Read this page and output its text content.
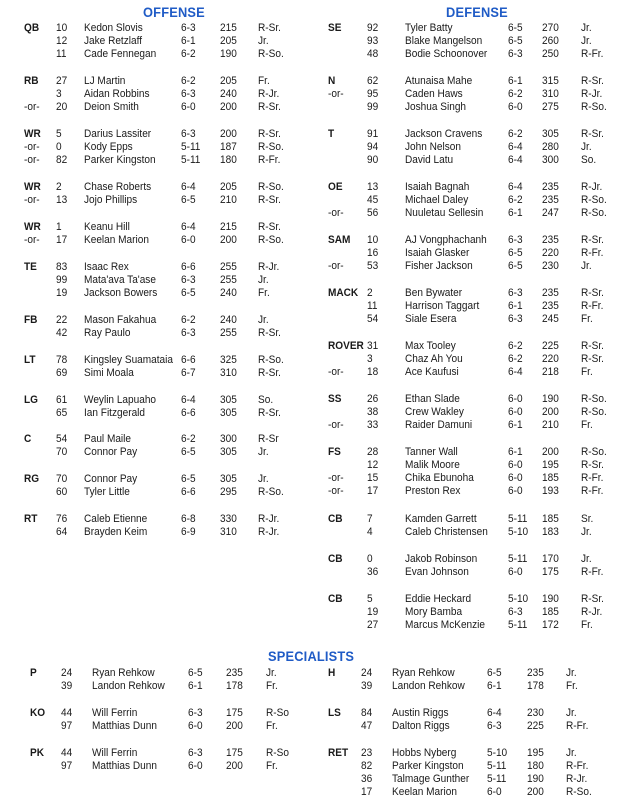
OFFENSE	DEFENSE
SPECIALISTS
QB 10 Kedon Slovis	6-3 215 R-Sr.
12 Jake Retzlaff	6-1 205 Jr.
11 Cade Fennegan 6-2 190 R-So.
RB 27 LJ Martin	6-2 205 Fr.
3 Aidan Robbins	6-3 240 R-Jr.
-or- 20 Deion Smith	6-0 200 R-Sr.
WR 5 Darius Lassiter	6-3 200 R-Sr.
-or- 0 Kody Epps	5-11 187 R-So.
-or- 82 Parker Kingston 5-11 180 R-Fr.
WR 2 Chase Roberts	6-4 205 R-So.
-or- 13 Jojo Phillips	6-5 210 R-Sr.
WR 1 Keanu Hill	6-4 215 R-Sr.
-or- 17 Keelan Marion	6-0 200 R-So.
TE 83 Isaac Rex	6-6 255 R-Jr.
99 Mata'ava Ta'ase 6-3 255 Jr.
19 Jackson Bowers 6-5 240 Fr.
FB 22 Mason Fakahua 6-2 240 Jr.
42 Ray Paulo	6-3 255 R-Sr.
LT 78 Kingsley Suamataia 6-6 325 R-So.
69 Simi Moala	6-7 310 R-Sr.
LG 61 Weylin Lapuaho 6-4 305 So.
65 Ian Fitzgerald	6-6 305 R-Sr.
C 54 Paul Maile	6-2 300 R-Sr
70 Connor Pay	6-5 305 Jr.
RG 70 Connor Pay	6-5 305 Jr.
60 Tyler Little	6-6 295 R-So.
RT 76 Caleb Etienne	6-8 330 R-Jr.
64 Brayden Keim	6-9 310 R-Jr.
SE 92 Tyler Batty	6-5 270 Jr.
93 Blake Mangelson 6-5 260 Jr.
48 Bodie Schoonover 6-3 250 R-Fr.
N	62 Atunaisa Mahe	6-1 315 R-Sr.
-or- 95 Caden Haws	6-2 310 R-Jr.
99 Joshua Singh	6-0 275 R-So.
T	91 Jackson Cravens 6-2 305 R-Sr.
94 John Nelson	6-4 280 Jr.
90 David Latu	6-4 300 So.
OE 13 Isaiah Bagnah	6-4 235 R-Jr.
45 Michael Daley	6-2 235 R-So.
-or- 56 Nuuletau Sellesin 6-1 247 R-So.
SAM 10 AJ Vongphachanh 6-3 235 R-Sr.
16 Isaiah Glasker	6-5 220 R-Fr.
-or- 53 Fisher Jackson	6-5 230 Jr.
MACK 2	Ben Bywater	6-3 235 R-Sr.
11 Harrison Taggart	6-1 235 R-Fr.
54 Siale Esera	6-3 245 Fr.
ROVER 31 Max Tooley	6-2 225 R-Sr.
3	Chaz Ah You	6-2 220 R-Sr.
-or- 18 Ace Kaufusi	6-4 218 Fr.
SS 26 Ethan Slade	6-0 190 R-So.
38 Crew Wakley	6-0 200 R-So.
-or- 33 Raider Damuni	6-1 210 Fr.
FS 28 Tanner Wall	6-1 200 R-So.
12 Malik Moore	6-0 195 R-Sr.
-or- 15 Chika Ebunoha	6-0 185 R-Fr.
-or- 17 Preston Rex	6-0 193 R-Fr.
CB 7	Kamden Garrett	5-11 185 Sr.
4	Caleb Christensen 5-10 183 Jr.
CB 0	Jakob Robinson	5-11 170 Jr.
36 Evan Johnson	6-0 175 R-Fr.
CB 5	Eddie Heckard	5-10 190 R-Sr.
19 Mory Bamba	6-3 185 R-Jr.
27 Marcus McKenzie 5-11 172 Fr.
P 24 Ryan Rehkow	6-5 235 Jr.
39 Landon Rehkow 6-1 178 Fr.
KO 44 Will Ferrin	6-3 175 R-So
97 Matthias Dunn	6-0 200 Fr.
PK 44 Will Ferrin	6-3 175 R-So
97 Matthias Dunn	6-0 200 Fr.
H 24 Ryan Rehkow	6-5 235 Jr.
39 Landon Rehkow 6-1 178 Fr.
LS 84 Austin Riggs	6-4 230 Jr.
47 Dalton Riggs	6-3 225 R-Fr.
RET 23 Hobbs Nyberg	5-10 195 Jr.
82 Parker Kingston 5-11 180 R-Fr.
36 Talmage Gunther 5-11 190 R-Jr.
17 Keelan Marion	6-0 200 R-So.
